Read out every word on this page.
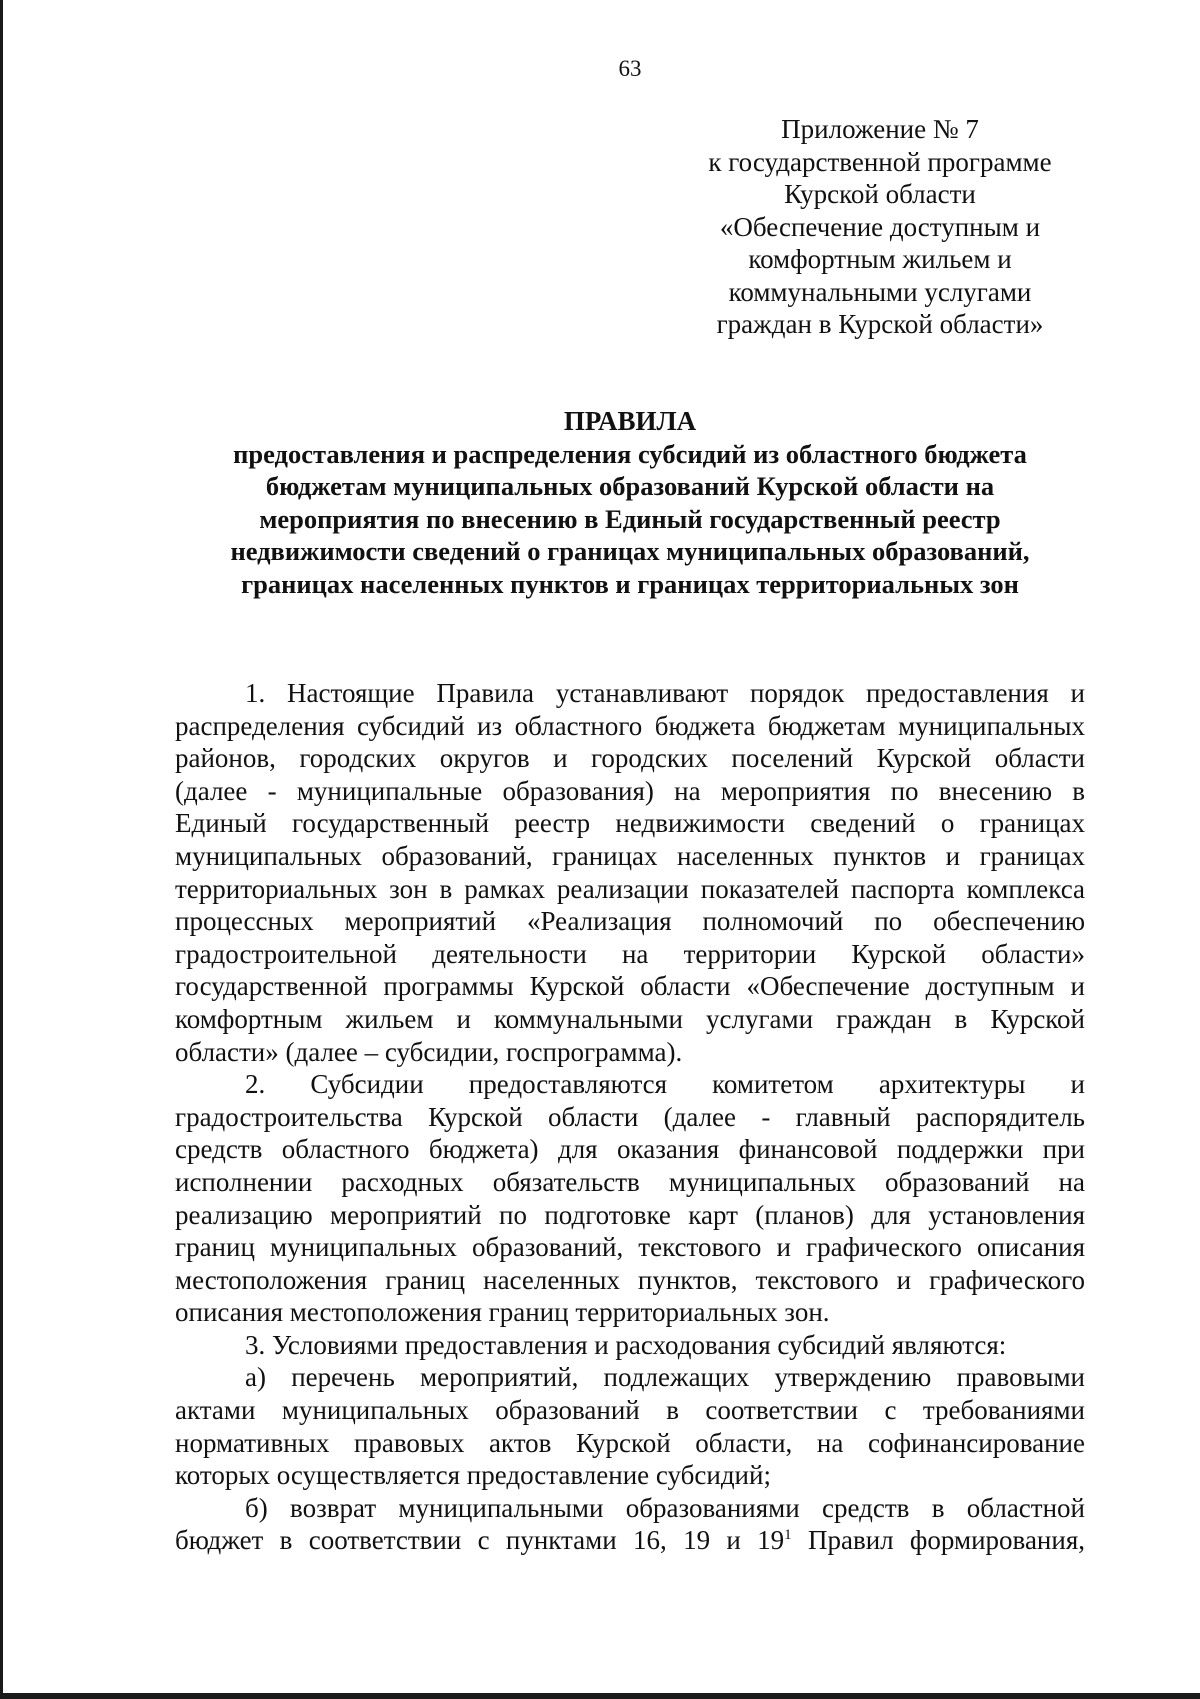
63
Приложение № 7
к государственной программе
Курской области
«Обеспечение доступным и
комфортным жильем и
коммунальными услугами
граждан в Курской области»
ПРАВИЛА
предоставления и распределения субсидий из областного бюджета
бюджетам муниципальных образований Курской области на
мероприятия по внесению в Единый государственный реестр
недвижимости сведений о границах муниципальных образований,
границах населенных пунктов и границах территориальных зон
1. Настоящие Правила устанавливают порядок предоставления и
распределения субсидий из областного бюджета бюджетам муниципальных
районов, городских округов и городских поселений Курской области
(далее - муниципальные образования) на мероприятия по внесению в
Единый государственный реестр недвижимости сведений о границах
муниципальных образований, границах населенных пунктов и границах
территориальных зон в рамках реализации показателей паспорта комплекса
процессных мероприятий «Реализация полномочий по обеспечению
градостроительной деятельности на территории Курской области»
государственной программы Курской области «Обеспечение доступным и
комфортным жильем и коммунальными услугами граждан в Курской
области» (далее – субсидии, госпрограмма).
2. Субсидии предоставляются комитетом архитектуры и
градостроительства Курской области (далее - главный распорядитель
средств областного бюджета) для оказания финансовой поддержки при
исполнении расходных обязательств муниципальных образований на
реализацию мероприятий по подготовке карт (планов) для установления
границ муниципальных образований, текстового и графического описания
местоположения границ населенных пунктов, текстового и графического
описания местоположения границ территориальных зон.
3. Условиями предоставления и расходования субсидий являются:
а) перечень мероприятий, подлежащих утверждению правовыми
актами муниципальных образований в соответствии с требованиями
нормативных правовых актов Курской области, на софинансирование
которых осуществляется предоставление субсидий;
б) возврат муниципальными образованиями средств в областной
бюджет в соответствии с пунктами 16, 19 и $19^1$ Правил формирования,
